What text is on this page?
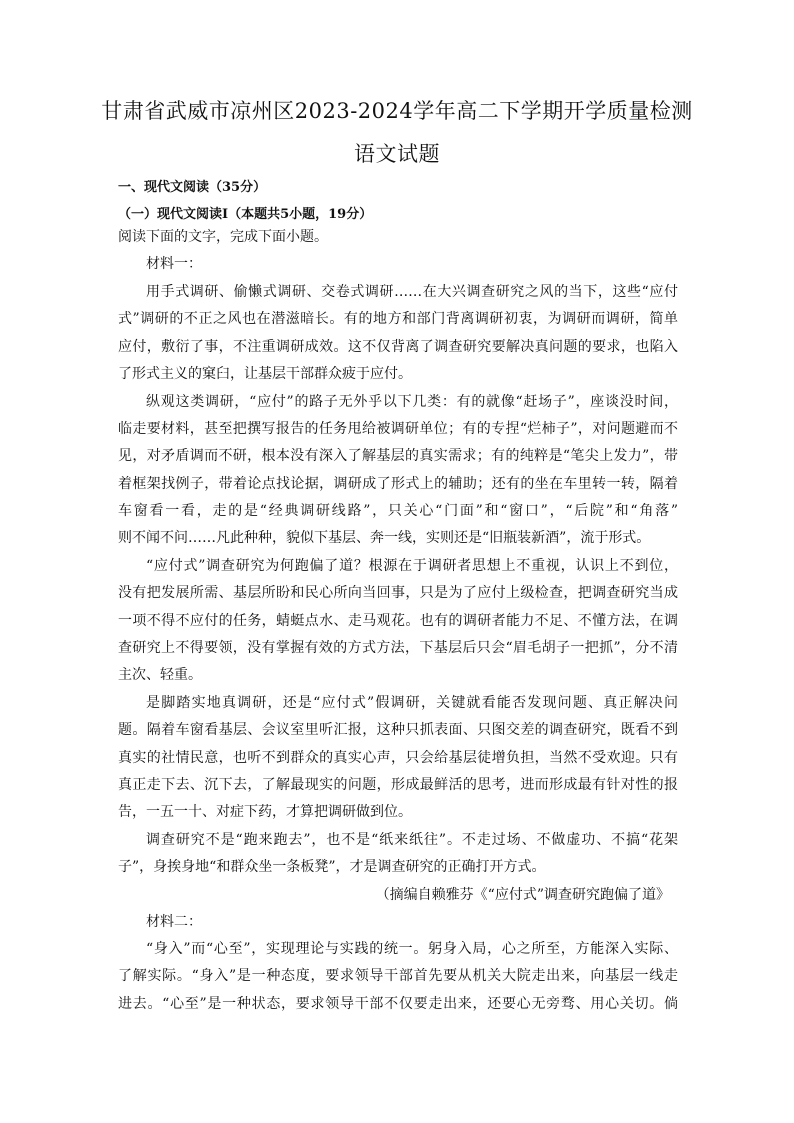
甘肃省武威市凉州区2023-2024学年高二下学期开学质量检测
语文试题
一、现代文阅读（35分）
（一）现代文阅读Ⅰ（本题共5小题，19分）
阅读下面的文字，完成下面小题。
材料一：
用手式调研、偷懒式调研、交卷式调研……在大兴调查研究之风的当下，这些“应付
式”调研的不正之风也在潜滋暗长。有的地方和部门背离调研初衷，为调研而调研，简单
应付，敷衍了事，不注重调研成效。这不仅背离了调查研究要解决真问题的要求，也陷入
了形式主义的窠臼，让基层干部群众疲于应付。
纵观这类调研，“应付”的路子无外乎以下几类：有的就像“赶场子”，座谈没时间，
临走要材料，甚至把撰写报告的任务甩给被调研单位；有的专捏“烂柿子”，对问题避而不
见，对矛盾调而不研，根本没有深入了解基层的真实需求；有的纯粹是“笔尖上发力”，带
着框架找例子，带着论点找论据，调研成了形式上的辅助；还有的坐在车里转一转，隔着
车窗看一看，走的是“经典调研线路”，只关心“门面”和“窗口”，“后院”和“角落”
则不闻不问……凡此种种，貌似下基层、奔一线，实则还是“旧瓶装新酒”，流于形式。
“应付式”调查研究为何跑偏了道？根源在于调研者思想上不重视，认识上不到位，
没有把发展所需、基层所盼和民心所向当回事，只是为了应付上级检查，把调查研究当成
一项不得不应付的任务，蜻蜓点水、走马观花。也有的调研者能力不足、不懂方法，在调
查研究上不得要领，没有掌握有效的方式方法，下基层后只会“眉毛胡子一把抓”，分不清
主次、轻重。
是脚踏实地真调研，还是“应付式”假调研，关键就看能否发现问题、真正解决问
题。隔着车窗看基层、会议室里听汇报，这种只抓表面、只图交差的调查研究，既看不到
真实的社情民意，也听不到群众的真实心声，只会给基层徒增负担，当然不受欢迎。只有
真正走下去、沉下去，了解最现实的问题，形成最鲜活的思考，进而形成最有针对性的报
告，一五一十、对症下药，才算把调研做到位。
调查研究不是“跑来跑去”，也不是“纸来纸往”。不走过场、不做虚功、不搞“花架
子”，身挨身地“和群众坐一条板凳”，才是调查研究的正确打开方式。
（摘编自赖雅芬《“应付式”调查研究跑偏了道》
材料二：
“身入”而“心至”，实现理论与实践的统一。躬身入局，心之所至，方能深入实际、
了解实际。“身入”是一种态度，要求领导干部首先要从机关大院走出来，向基层一线走
进去。“心至”是一种状态，要求领导干部不仅要走出来，还要心无旁骛、用心关切。倘
